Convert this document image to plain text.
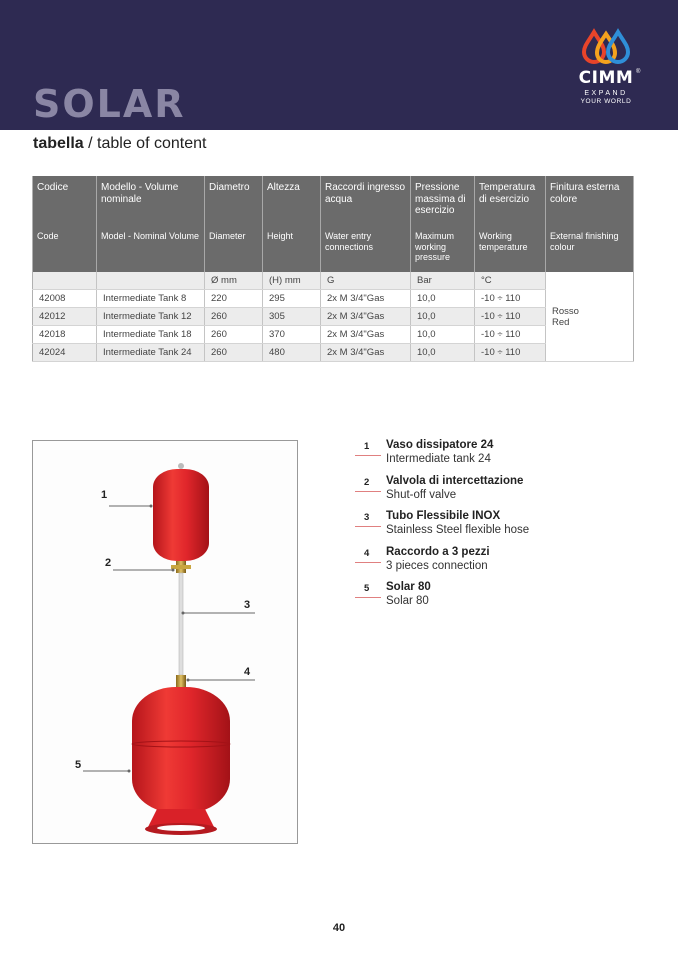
SOLAR
CIMM ®
EXPAND
YOUR WORLD
tabella / table of content
Codice	Modello - Volume nominale	Diametro	Altezza	Raccordi ingresso acqua	Pressione massima di esercizio	Temperatura di esercizio	Finitura esterna colore
Code	Model - Nominal Volume	Diameter	Height	Water entry connections	Maximum working pressure	Working temperature	External finishing colour
		Ø mm	(H) mm	G	Bar	°C	Rosso
Red

42008	Intermediate Tank 8	220	295	2x M 3/4"Gas	10,0	-10 ÷ 110	
42012	Intermediate Tank 12	260	305	2x M 3/4"Gas	10,0	-10 ÷ 110	
42018	Intermediate Tank 18	260	370	2x M 3/4"Gas	10,0	-10 ÷ 110	
42024	Intermediate Tank 24	260	480	2x M 3/4"Gas	10,0	-10 ÷ 110	
1
2
3
4
5
1 Vaso dissipatore 24
Intermediate tank 24
2 Valvola di intercettazione
Shut-off valve
3 Tubo Flessibile INOX
Stainless Steel flexible hose
4 Raccordo a 3 pezzi
3 pieces connection
5 Solar 80
Solar 80
40
